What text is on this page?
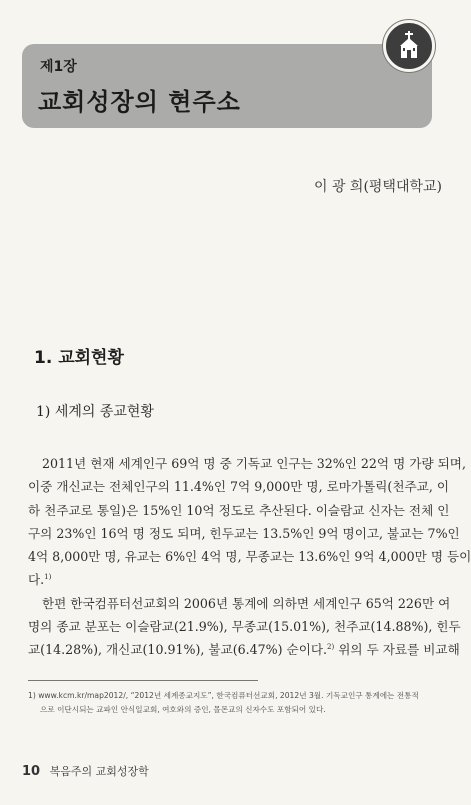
제1장
교회성장의 현주소
이 광 희(평택대학교)
1. 교회현황
1) 세계의 종교현황
2011년 현재 세계인구 69억 명 중 기독교 인구는 32%인 22억 명 가량 되며,
이중 개신교는 전체인구의 11.4%인 7억 9,000만 명, 로마가톨릭(천주교, 이
하 천주교로 통일)은 15%인 10억 정도로 추산된다. 이슬람교 신자는 전체 인
구의 23%인 16억 명 정도 되며, 힌두교는 13.5%인 9억 명이고, 불교는 7%인
4억 8,000만 명, 유교는 6%인 4억 명, 무종교는 13.6%인 9억 4,000만 명 등이
다.$^{1)}$
한편 한국컴퓨터선교회의 2006년 통계에 의하면 세계인구 65억 226만 여
명의 종교 분포는 이슬람교(21.9%), 무종교(15.01%), 천주교(14.88%), 힌두
교(14.28%), 개신교(10.91%), 불교(6.47%) 순이다.$^{2)}$ 위의 두 자료를 비교해
1) www.kcm.kr/map2012/, “2012년 세계종교지도”, 한국컴퓨터선교회, 2012년 3월. 기독교인구 통계에는 전통적
으로 이단시되는 교파인 안식일교회, 여호와의 증인, 몰몬교의 신자수도 포함되어 있다.
10 복음주의 교회성장학
